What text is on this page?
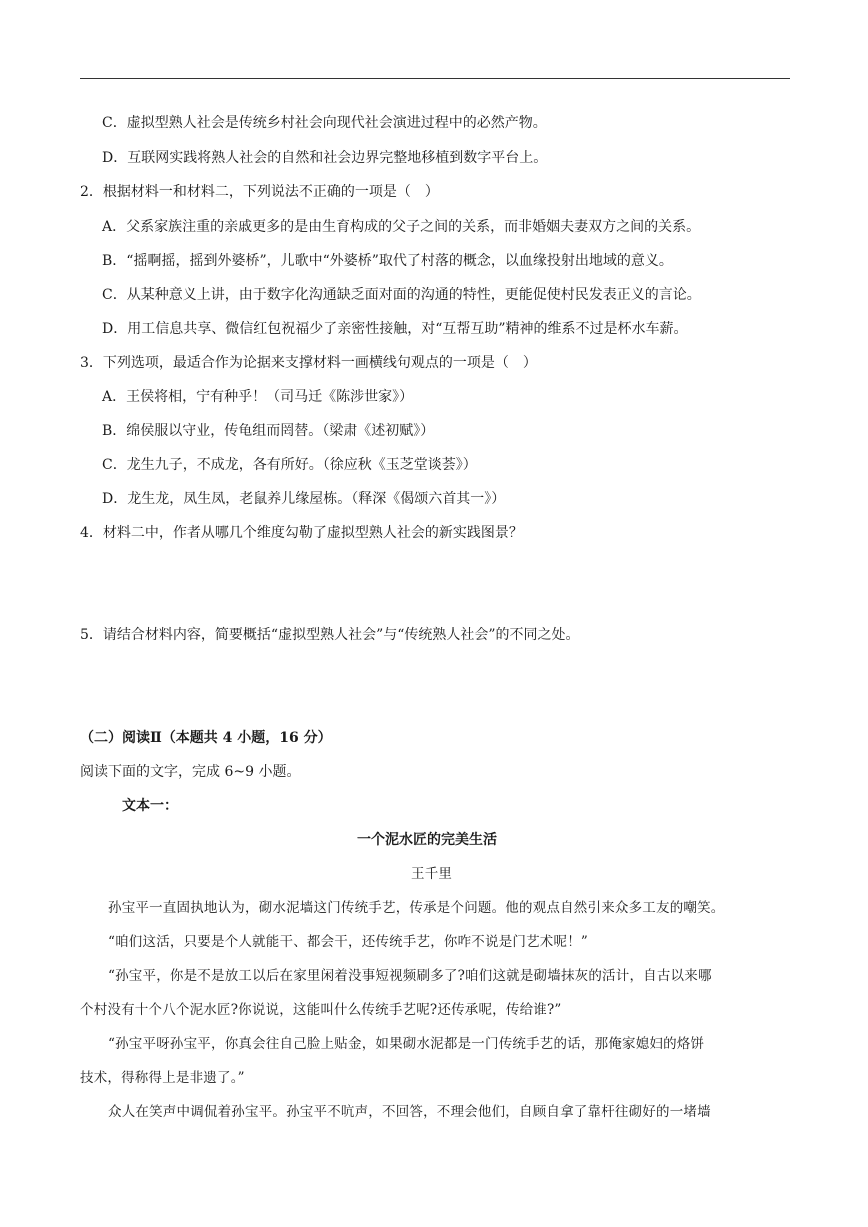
C．虚拟型熟人社会是传统乡村社会向现代社会演进过程中的必然产物。
D．互联网实践将熟人社会的自然和社会边界完整地移植到数字平台上。
2．根据材料一和材料二，下列说法不正确的一项是（　）
A．父系家族注重的亲戚更多的是由生育构成的父子之间的关系，而非婚姻夫妻双方之间的关系。
B．“摇啊摇，摇到外婆桥”，儿歌中“外婆桥”取代了村落的概念，以血缘投射出地域的意义。
C．从某种意义上讲，由于数字化沟通缺乏面对面的沟通的特性，更能促使村民发表正义的言论。
D．用工信息共享、微信红包祝福少了亲密性接触，对“互帮互助”精神的维系不过是杯水车薪。
3．下列选项，最适合作为论据来支撑材料一画横线句观点的一项是（　）
A．王侯将相，宁有种乎！（司马迁《陈涉世家》）
B．绵侯服以守业，传龟组而罔替。（梁肃《述初赋》）
C．龙生九子，不成龙，各有所好。（徐应秋《玉芝堂谈荟》）
D．龙生龙，凤生凤，老鼠养儿缘屋栋。（释深《偈颂六首其一》）
4．材料二中，作者从哪几个维度勾勒了虚拟型熟人社会的新实践图景？
5．请结合材料内容，简要概括“虚拟型熟人社会”与“传统熟人社会”的不同之处。
（二）阅读Ⅱ（本题共 4 小题，16 分）
阅读下面的文字，完成 6~9 小题。
文本一：
一个泥水匠的完美生活
王千里
孙宝平一直固执地认为，砌水泥墙这门传统手艺，传承是个问题。他的观点自然引来众多工友的嘲笑。
“咱们这活，只要是个人就能干、都会干，还传统手艺，你咋不说是门艺术呢！”
“孙宝平，你是不是放工以后在家里闲着没事短视频刷多了?咱们这就是砌墙抹灰的活计，自古以来哪
个村没有十个八个泥水匠?你说说，这能叫什么传统手艺呢?还传承呢，传给谁?”
“孙宝平呀孙宝平，你真会往自己脸上贴金，如果砌水泥都是一门传统手艺的话，那俺家媳妇的烙饼
技术，得称得上是非遗了。”
众人在笑声中调侃着孙宝平。孙宝平不吭声，不回答，不理会他们，自顾自拿了靠杆往砌好的一堵墙
